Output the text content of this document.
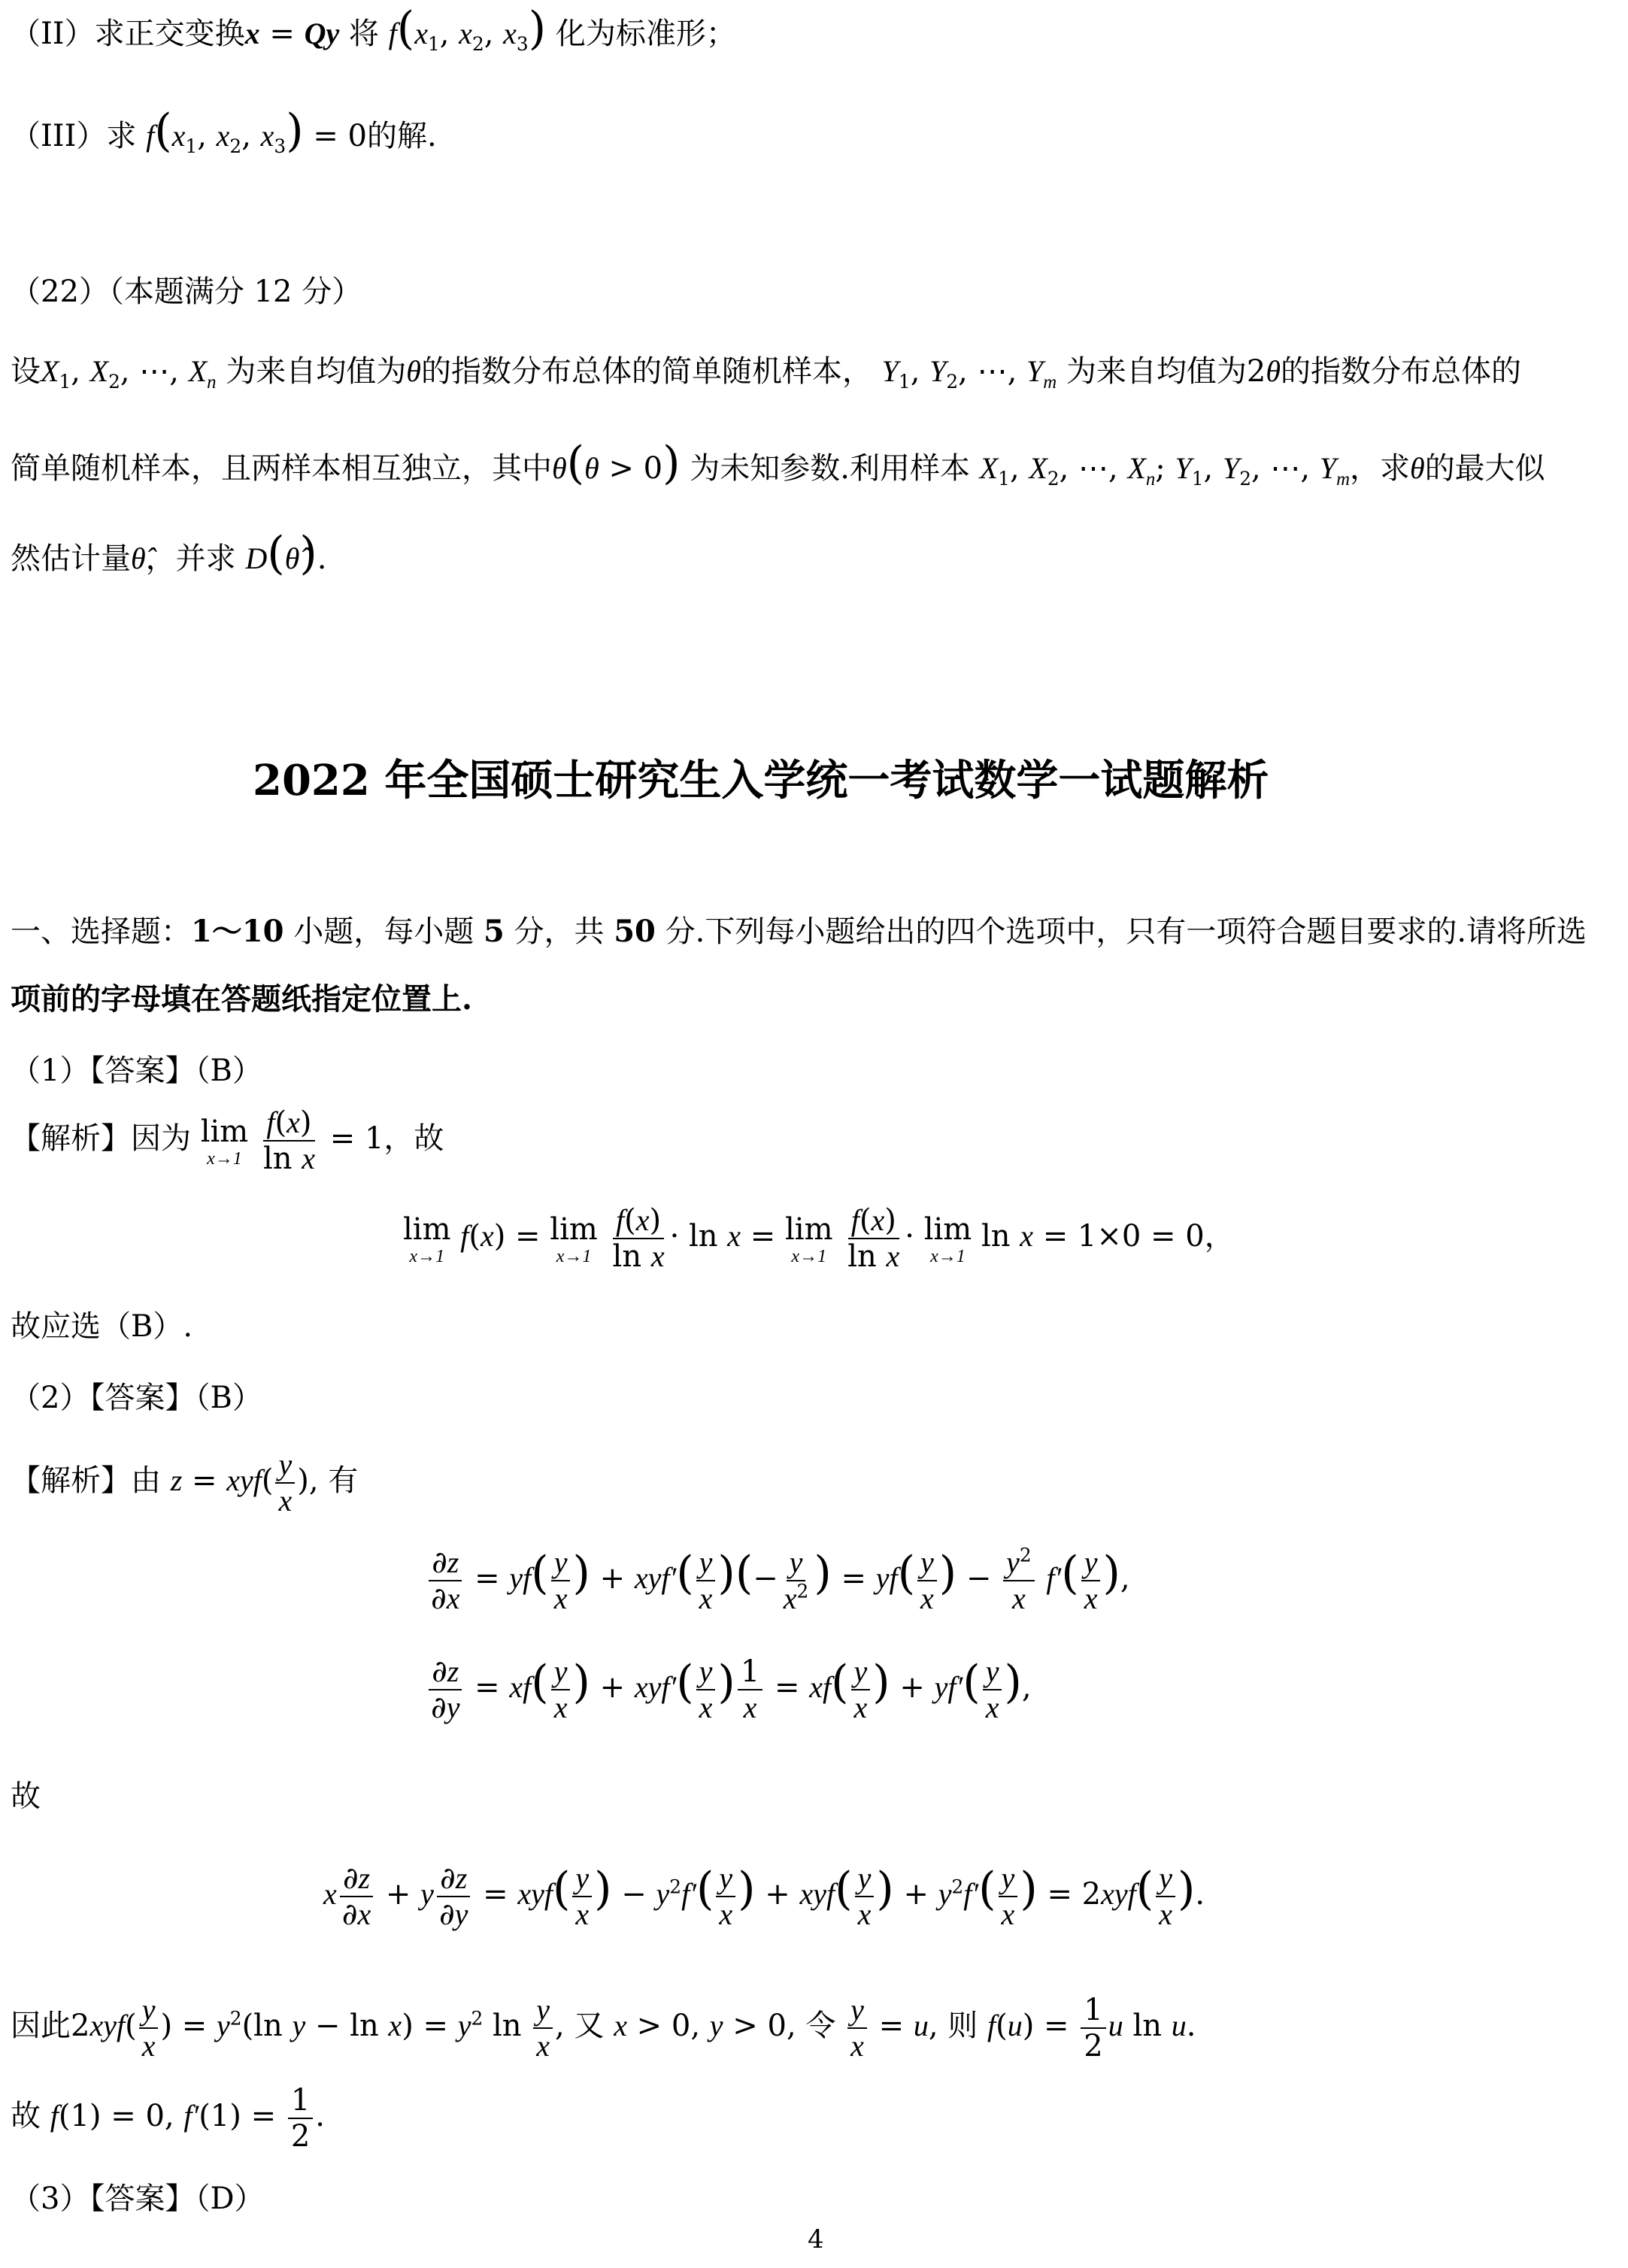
（II）求正交变换x = Qy 将 $f(x_1$, $x_2$, $x_3$) 化为标准形；
（III）求 $f(x_1$, $x_2$, $x_3) = 0$的解.
（22）（本题满分 12 分）
设$X_1$, $X_2$, ⋯, $X_n$ 为来自均值为θ的指数分布总体的简单随机样本， $Y_1$, $Y_2$, ⋯, $Y_m$ 为来自均值为2θ的指数分布总体的
简单随机样本，且两样本相互独立，其中θ(θ > 0) 为未知参数.利用样本 $X_1$, $X_2$, ⋯, $X_n$; $Y_1$, $Y_2$, ⋯, $Y_m$，求θ的最大似
然估计量θ̂，并求 D(θ̂).
2022 年全国硕士研究生入学统一考试数学一试题解析
一、选择题：1～10 小题，每小题 5 分，共 50 分.下列每小题给出的四个选项中，只有一项符合题目要求的.请将所选
项前的字母填在答题纸指定位置上.
（1）【答案】（B）
【解析】因为 lim
x→1
$\frac{f(x)}{\text{ln x}} = 1$，故
lim
x→1
f(x) = lim
x→1
$\frac{f(x)}{\text{ln x}} \cdot \ln x = \lim$
x→1
$\frac{f(x)}{\text{ln x}} \cdot \lim$
x→1
ln x = 1×0 = 0，
故应选（B）.
（2）【答案】（B）
【解析】由 $z = xyf( \frac{y}{x}$ ), 有
$\frac{\partial z}{\partial x} = yf( \frac{y}{x}$ ) + $xyf'( \frac{y}{x}$ )(− $\frac{y}{x^2}$ ) = $yf( \frac{y}{x}$ ) − $\frac{y^2}{x} f'( \frac{y}{x}$ ),
$\frac{\partial z}{\partial y} = xf( \frac{y}{x}$ ) + $xyf'( \frac{y}{x}$ ) $\frac{1}{x} = xf( \frac{y}{x}$ ) + $yf'( \frac{y}{x}$ ),
故
x $\frac{\partial z}{\partial x} + y \frac{\partial z}{\partial y} = xyf( \frac{y}{x}$ ) − $y^2f'( \frac{y}{x}$ ) + $xyf( \frac{y}{x}$ ) + $y^2f'( \frac{y}{x}$ ) = $2xyf( \frac{y}{x}$ ).
因此$2xyf( \frac{y}{x}$ ) = $y^2(\ln$ $y - \ln x) = y^2$ $\ln \frac{y}{x}$ , 又 x > 0, y > 0, 令 $\frac{y}{x} = u$, 则 $f(u) = \frac{1}{2}$ u ln u.
故 f(1) = 0, $f'(1) = \frac{1}{2}$ .
（3）【答案】（D）
4
